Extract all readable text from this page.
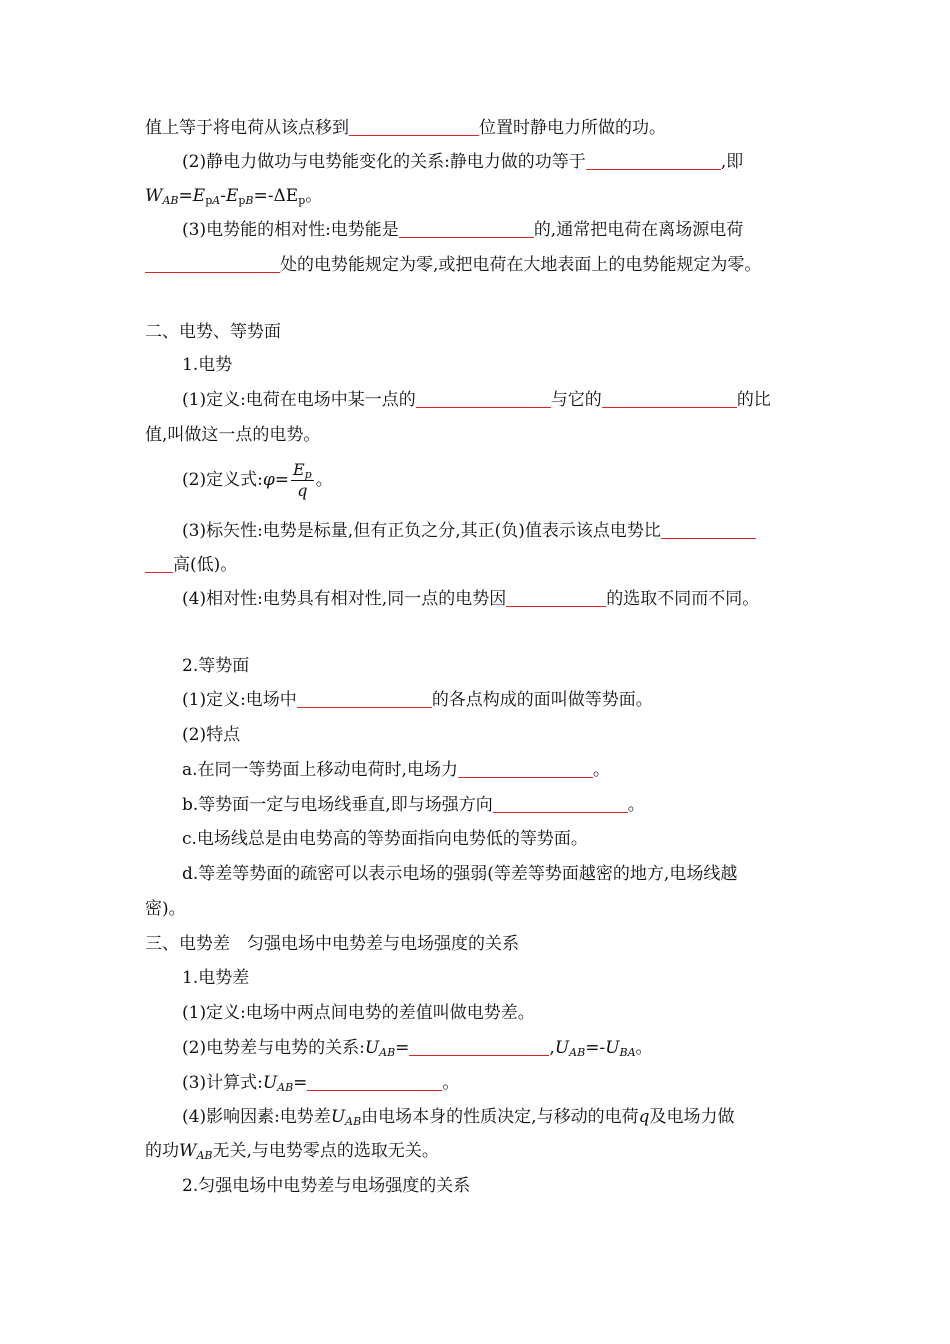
值上等于将电荷从该点移到	位置时静电力所做的功。
(2)静电力做功与电势能变化的关系:静电力做的功等于	,即
$W_{AB}=E_{pA}-E_{pB}=-\Delta E_p$。
(3)电势能的相对性:电势能是	的,通常把电荷在离场源电荷
处的电势能规定为零,或把电荷在大地表面上的电势能规定为零。
二、电势、等势面
1.电势
(1)定义:电荷在电场中某一点的	与它的	的比
值,叫做这一点的电势。
(2)定义式:φ= $\frac{E_p}{q}$ 。
(3)标矢性:电势是标量,但有正负之分,其正(负)值表示该点电势比
高(低)。
(4)相对性:电势具有相对性,同一点的电势因	的选取不同而不同。
2.等势面
(1)定义:电场中	的各点构成的面叫做等势面。
(2)特点
a.在同一等势面上移动电荷时,电场力	。
b.等势面一定与电场线垂直,即与场强方向	。
c.电场线总是由电势高的等势面指向电势低的等势面。
d.等差等势面的疏密可以表示电场的强弱(等差等势面越密的地方,电场线越
密)。
三、电势差　匀强电场中电势差与电场强度的关系
1.电势差
(1)定义:电场中两点间电势的差值叫做电势差。
(2)电势差与电势的关系$:U_{AB}=$	$,U_{AB}=-U_{BA}$。
(3)计算式$:U_{AB}=$	。
(4)影响因素:电势差$U_{AB}$由电场本身的性质决定,与移动的电荷q及电场力做
的功$W_{AB}$无关,与电势零点的选取无关。
2.匀强电场中电势差与电场强度的关系
